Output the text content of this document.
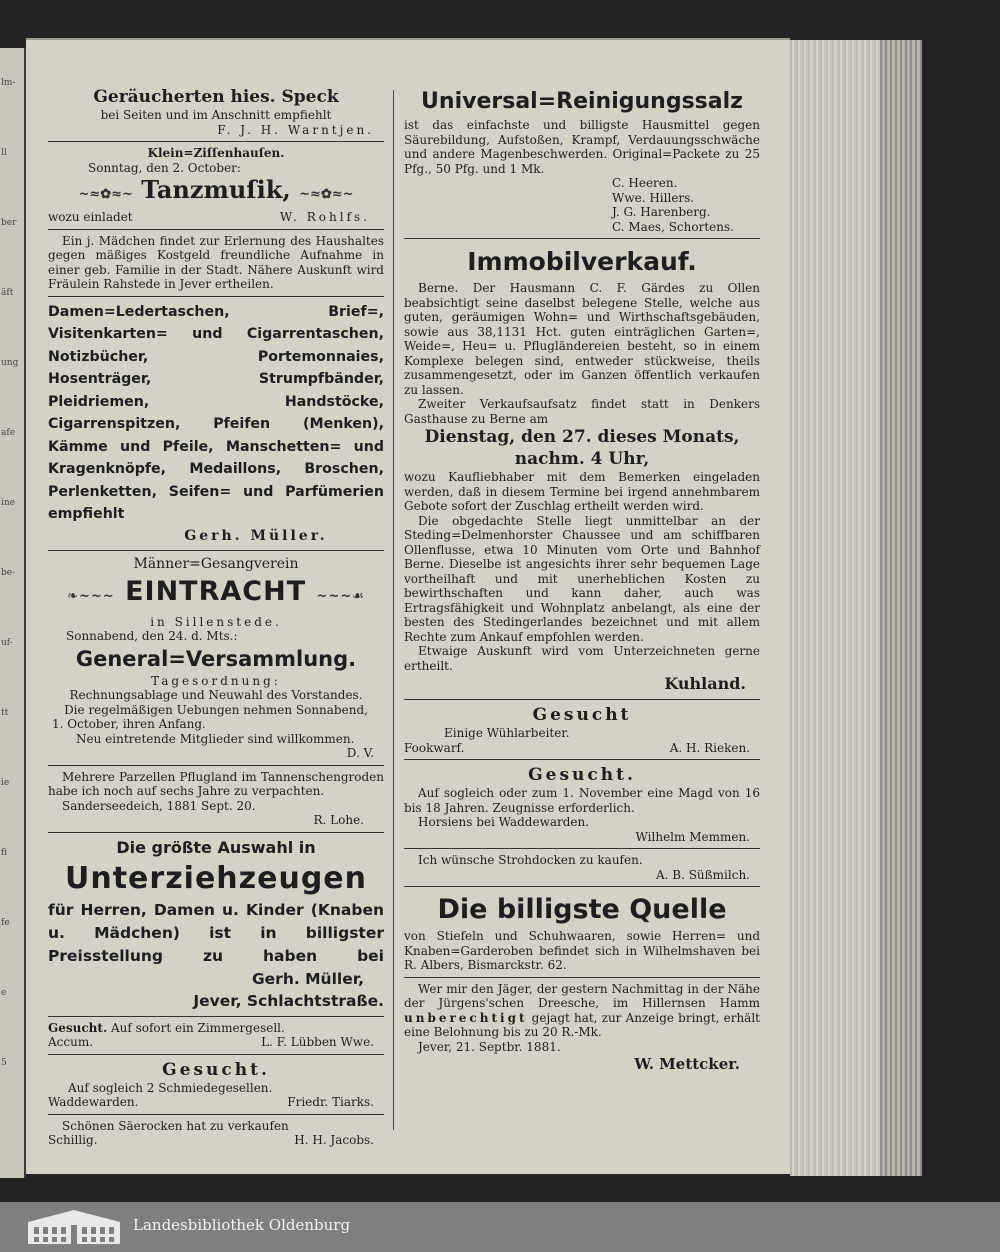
lm-
ll
ber
äft
ung
afe
ine
be-
uf-
tt
ie
fi
fe
e
5

Geräucherten hies. Speck

bei Seiten und im Anschnitt empfiehlt

F. J. H. Warntjen.

Klein=Ziſſenhauſen.

Sonntag, den 2. October:

~≈✿≈~ Tanzmuſik, ~≈✿≈~

wozu einladet	W. Rohlfs.

Ein j. Mädchen findet zur Erlernung des Haushaltes gegen mäßiges Kostgeld freundliche Aufnahme in einer geb. Familie in der Stadt. Nähere Auskunft wird Fräulein Rahstede in Jever ertheilen.

Damen=Ledertaschen, Brief=, Visitenkarten= und Cigarrentaschen, Notizbücher, Portemonnaies, Hosenträger, Strumpfbänder, Pleidriemen, Handstöcke, Cigarrenspitzen, Pfeifen (Menken), Kämme und Pfeile, Manschetten= und Kragenknöpfe, Medaillons, Broschen, Perlenketten, Seifen= und Parfümerien empfiehlt

Gerh. Müller.

Männer=Gesangverein

❧~~~ EINTRACHT ~~~☙

in Sillenstede.

Sonnabend, den 24. d. Mts.:

General=Versammlung.

Tagesordnung:

Rechnungsablage und Neuwahl des Vorstandes.

Die regelmäßigen Uebungen nehmen Sonnabend,

1. October, ihren Anfang.

Neu eintretende Mitglieder sind willkommen.

D. V.

Mehrere Parzellen Pflugland im Tannenschengroden habe ich noch auf sechs Jahre zu verpachten.

Sanderseedeich, 1881 Sept. 20.

R. Lohe.

Die größte Auswahl in

Unterziehzeugen

für Herren, Damen u. Kinder (Knaben u. Mädchen) ist in billigster Preisstellung zu haben bei

Gerh. Müller,

Jever, Schlachtstraße.

Gesucht. Auf sofort ein Zimmergesell.

Accum.	L. F. Lübben Wwe.

Gesucht.

Auf sogleich 2 Schmiedegesellen.

Waddewarden.	Friedr. Tiarks.

Schönen Säerocken hat zu verkaufen

Schillig.	H. H. Jacobs.

Universal=Reinigungssalz

ist das einfachste und billigste Hausmittel gegen Säurebildung, Aufstoßen, Krampf, Verdauungsschwäche und andere Magenbeschwerden. Original=Packete zu 25 Pfg., 50 Pfg. und 1 Mk.

C. Heeren.

Wwe. Hillers.

J. G. Harenberg.

C. Maes, Schortens.

Immobilverkauf.

Berne. Der Hausmann C. F. Gärdes zu Ollen beabsichtigt seine daselbst belegene Stelle, welche aus guten, geräumigen Wohn= und Wirthschaftsgebäuden, sowie aus 38,1131 Hct. guten einträglichen Garten=, Weide=, Heu= u. Pflugländereien besteht, so in einem Komplexe belegen sind, entweder stückweise, theils zusammengesetzt, oder im Ganzen öffentlich verkaufen zu lassen.

Zweiter Verkaufsaufsatz findet statt in Denkers Gasthause zu Berne am

Dienstag, den 27. dieses Monats,

nachm. 4 Uhr,

wozu Kaufliebhaber mit dem Bemerken eingeladen werden, daß in diesem Termine bei irgend annehmbarem Gebote sofort der Zuschlag ertheilt werden wird.

Die obgedachte Stelle liegt unmittelbar an der Steding=Delmenhorster Chaussee und am schiffbaren Ollenflusse, etwa 10 Minuten vom Orte und Bahnhof Berne. Dieselbe ist angesichts ihrer sehr bequemen Lage vortheilhaft und mit unerheblichen Kosten zu bewirthschaften und kann daher, auch was Ertragsfähigkeit und Wohnplatz anbelangt, als eine der besten des Stedingerlandes bezeichnet und mit allem Rechte zum Ankauf empfohlen werden.

Etwaige Auskunft wird vom Unterzeichneten gerne ertheilt.

Kuhland.

Gesucht

Einige Wühlarbeiter.

Fookwarf.	A. H. Rieken.

Gesucht.

Auf sogleich oder zum 1. November eine Magd von 16 bis 18 Jahren. Zeugnisse erforderlich.

Horsiens bei Waddewarden.

Wilhelm Memmen.

Ich wünsche Strohdocken zu kaufen.

A. B. Süßmilch.

Die billigste Quelle

von Stiefeln und Schuhwaaren, sowie Herren= und Knaben=Garderoben befindet sich in Wilhelmshaven bei R. Albers, Bismarckstr. 62.

Wer mir den Jäger, der gestern Nachmittag in der Nähe der Jürgens'schen Dreesche, im Hillernsen Hamm unberechtigt gejagt hat, zur Anzeige bringt, erhält eine Belohnung bis zu 20 R.-Mk.

Jever, 21. Septbr. 1881.

W. Mettcker.

Landesbibliothek Oldenburg
